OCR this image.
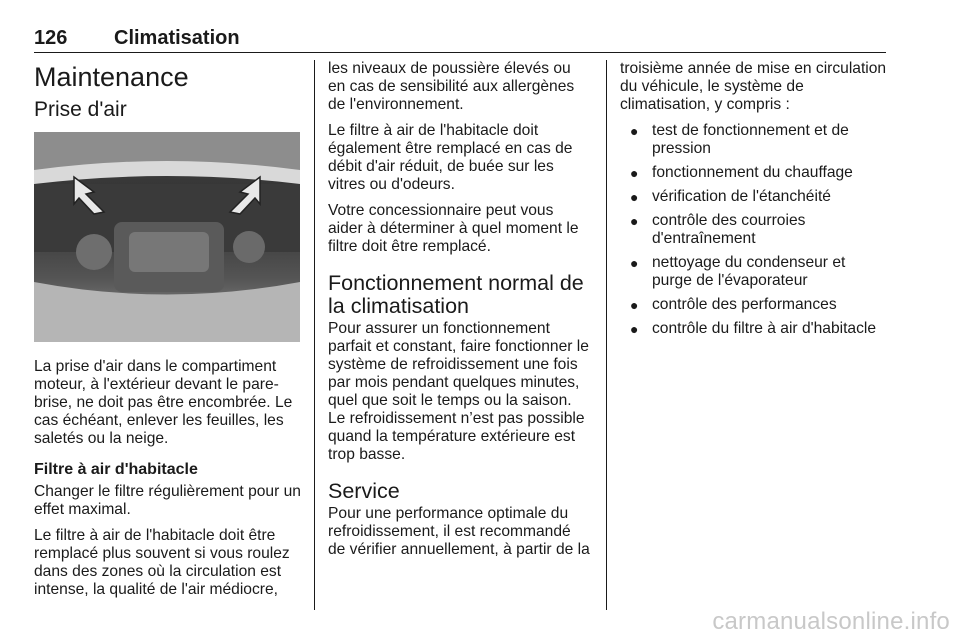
126 Climatisation
Maintenance
Prise d'air

La prise d'air dans le compartiment moteur, à l'extérieur devant le pare-brise, ne doit pas être encombrée. Le cas échéant, enlever les feuilles, les saletés ou la neige.

Filtre à air d'habitacle

Changer le filtre régulièrement pour un effet maximal.

Le filtre à air de l'habitacle doit être remplacé plus souvent si vous roulez dans des zones où la circulation est intense, la qualité de l'air médiocre,

les niveaux de poussière élevés ou en cas de sensibilité aux allergènes de l'environnement.

Le filtre à air de l'habitacle doit également être remplacé en cas de débit d'air réduit, de buée sur les vitres ou d'odeurs.

Votre concessionnaire peut vous aider à déterminer à quel moment le filtre doit être remplacé.

Fonctionnement normal de la climatisation

Pour assurer un fonctionnement parfait et constant, faire fonctionner le système de refroidissement une fois par mois pendant quelques minutes, quel que soit le temps ou la saison. Le refroidissement n’est pas possible quand la température extérieure est trop basse.

Service

Pour une performance optimale du refroidissement, il est recommandé de vérifier annuellement, à partir de la

troisième année de mise en circulation du véhicule, le système de climatisation, y compris :

● test de fonctionnement et de pression
● fonctionnement du chauffage
● vérification de l'étanchéité
● contrôle des courroies d'entraînement
● nettoyage du condenseur et purge de l'évaporateur
● contrôle des performances
● contrôle du filtre à air d'habitacle
carmanualsonline.info
